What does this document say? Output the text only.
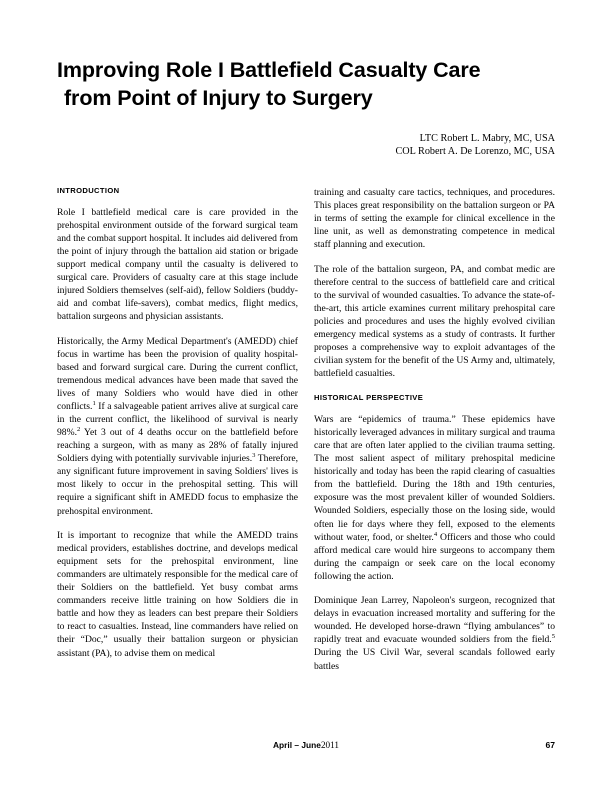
Improving Role I Battlefield Casualty Care
from Point of Injury to Surgery
LTC Robert L. Mabry, MC, USA
COL Robert A. De Lorenzo, MC, USA
INTRODUCTION

Role I battlefield medical care is care provided in the prehospital environment outside of the forward surgical team and the combat support hospital. It includes aid delivered from the point of injury through the battalion aid station or brigade support medical company until the casualty is delivered to surgical care. Providers of casualty care at this stage include injured Soldiers themselves (self-aid), fellow Soldiers (buddy-aid and combat life-savers), combat medics, flight medics, battalion surgeons and physician assistants.

Historically, the Army Medical Department's (AMEDD) chief focus in wartime has been the provision of quality hospital-based and forward surgical care. During the current conflict, tremendous medical advances have been made that saved the lives of many Soldiers who would have died in other conflicts.$^1$ If a salvageable patient arrives alive at surgical care in the current conflict, the likelihood of survival is nearly 98%.$^2$ Yet 3 out of 4 deaths occur on the battlefield before reaching a surgeon, with as many as 28% of fatally injured Soldiers dying with potentially survivable injuries.$^3$ Therefore, any significant future improvement in saving Soldiers' lives is most likely to occur in the prehospital setting. This will require a significant shift in AMEDD focus to emphasize the prehospital environment.

It is important to recognize that while the AMEDD trains medical providers, establishes doctrine, and develops medical equipment sets for the prehospital environment, line commanders are ultimately responsible for the medical care of their Soldiers on the battlefield. Yet busy combat arms commanders receive little training on how Soldiers die in battle and how they as leaders can best prepare their Soldiers to react to casualties. Instead, line commanders have relied on their “Doc,” usually their battalion surgeon or physician assistant (PA), to advise them on medical

training and casualty care tactics, techniques, and procedures. This places great responsibility on the battalion surgeon or PA in terms of setting the example for clinical excellence in the line unit, as well as demonstrating competence in medical staff planning and execution.

The role of the battalion surgeon, PA, and combat medic are therefore central to the success of battlefield care and critical to the survival of wounded casualties. To advance the state-of-the-art, this article examines current military prehospital care policies and procedures and uses the highly evolved civilian emergency medical systems as a study of contrasts. It further proposes a comprehensive way to exploit advantages of the civilian system for the benefit of the US Army and, ultimately, battlefield casualties.

HISTORICAL PERSPECTIVE

Wars are “epidemics of trauma.” These epidemics have historically leveraged advances in military surgical and trauma care that are often later applied to the civilian trauma setting. The most salient aspect of military prehospital medicine historically and today has been the rapid clearing of casualties from the battlefield. During the 18th and 19th centuries, exposure was the most prevalent killer of wounded Soldiers. Wounded Soldiers, especially those on the losing side, would often lie for days where they fell, exposed to the elements without water, food, or shelter.$^4$ Officers and those who could afford medical care would hire surgeons to accompany them during the campaign or seek care on the local economy following the action.

Dominique Jean Larrey, Napoleon's surgeon, recognized that delays in evacuation increased mortality and suffering for the wounded. He developed horse-drawn “flying ambulances” to rapidly treat and evacuate wounded soldiers from the field.$^5$ During the US Civil War, several scandals followed early battles

April – June2011	67
